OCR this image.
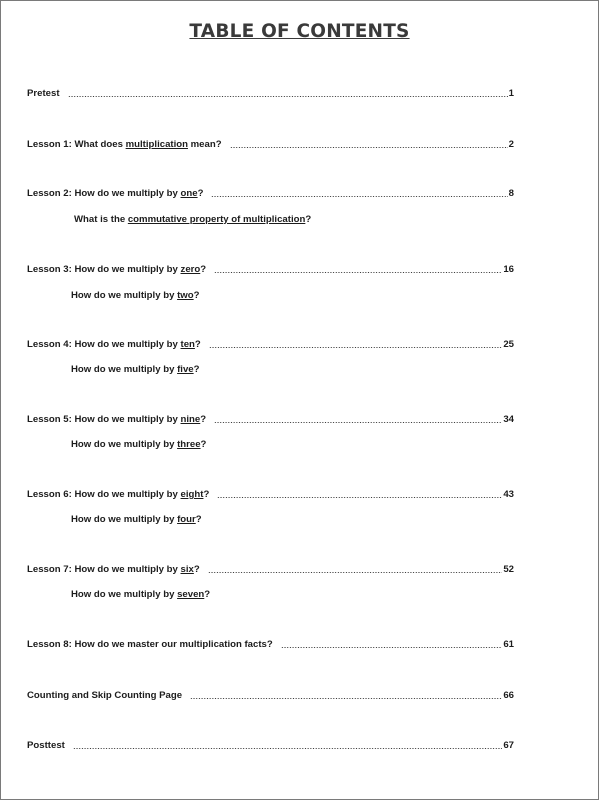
TABLE OF CONTENTS
Pretest	1
Lesson 1: What does multiplication mean?	2
Lesson 2: How do we multiply by one?	8
What is the commutative property of multiplication?
Lesson 3: How do we multiply by zero?	16
How do we multiply by two?
Lesson 4: How do we multiply by ten?	25
How do we multiply by five?
Lesson 5: How do we multiply by nine?	34
How do we multiply by three?
Lesson 6: How do we multiply by eight?	43
How do we multiply by four?
Lesson 7: How do we multiply by six?	52
How do we multiply by seven?
Lesson 8: How do we master our multiplication facts?	61
Counting and Skip Counting Page	66
Posttest	67
